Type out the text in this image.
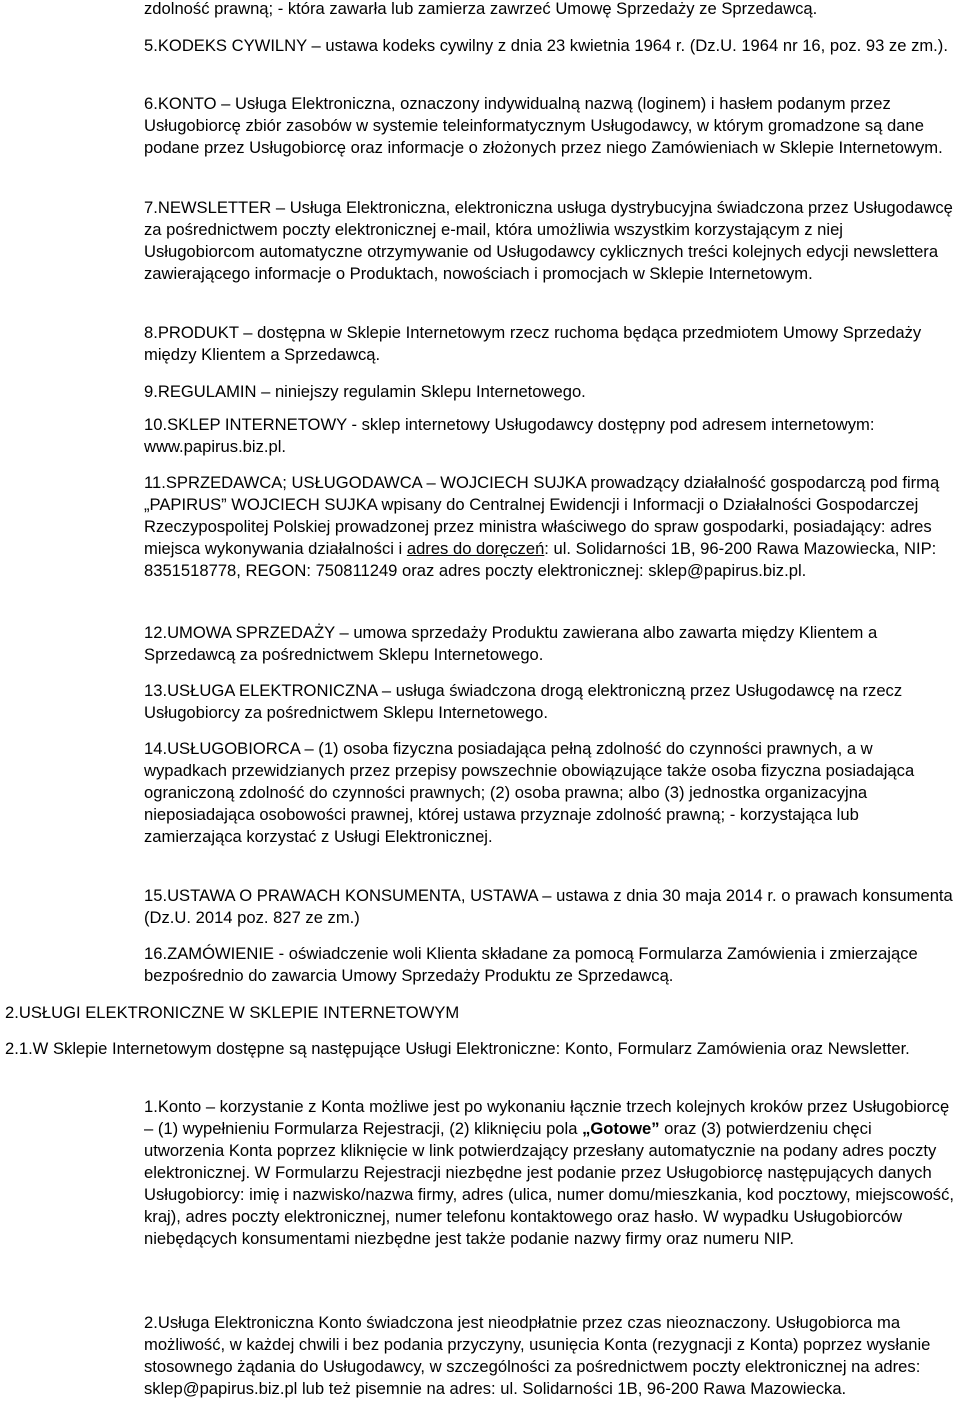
zdolność prawną; - która zawarła lub zamierza zawrzeć Umowę Sprzedaży ze Sprzedawcą.

5.KODEKS CYWILNY – ustawa kodeks cywilny z dnia 23 kwietnia 1964 r. (Dz.U. 1964 nr 16, poz. 93 ze zm.).

6.KONTO – Usługa Elektroniczna, oznaczony indywidualną nazwą (loginem) i hasłem podanym przez Usługobiorcę zbiór zasobów w systemie teleinformatycznym Usługodawcy, w którym gromadzone są dane podane przez Usługobiorcę oraz informacje o złożonych przez niego Zamówieniach w Sklepie Internetowym.

7.NEWSLETTER – Usługa Elektroniczna, elektroniczna usługa dystrybucyjna świadczona przez Usługodawcę za pośrednictwem poczty elektronicznej e-mail, która umożliwia wszystkim korzystającym z niej Usługobiorcom automatyczne otrzymywanie od Usługodawcy cyklicznych treści kolejnych edycji newslettera zawierającego informacje o Produktach, nowościach i promocjach w Sklepie Internetowym.

8.PRODUKT – dostępna w Sklepie Internetowym rzecz ruchoma będąca przedmiotem Umowy Sprzedaży między Klientem a Sprzedawcą.

9.REGULAMIN – niniejszy regulamin Sklepu Internetowego.

10.SKLEP INTERNETOWY - sklep internetowy Usługodawcy dostępny pod adresem internetowym: www.papirus.biz.pl.

11.SPRZEDAWCA; USŁUGODAWCA – WOJCIECH SUJKA prowadzący działalność gospodarczą pod firmą „PAPIRUS” WOJCIECH SUJKA wpisany do Centralnej Ewidencji i Informacji o Działalności Gospodarczej Rzeczypospolitej Polskiej prowadzonej przez ministra właściwego do spraw gospodarki, posiadający: adres miejsca wykonywania działalności i adres do doręczeń: ul. Solidarności 1B, 96-200 Rawa Mazowiecka, NIP: 8351518778, REGON: 750811249 oraz adres poczty elektronicznej: sklep@papirus.biz.pl.

12.UMOWA SPRZEDAŻY – umowa sprzedaży Produktu zawierana albo zawarta między Klientem a Sprzedawcą za pośrednictwem Sklepu Internetowego.

13.USŁUGA ELEKTRONICZNA – usługa świadczona drogą elektroniczną przez Usługodawcę na rzecz Usługobiorcy za pośrednictwem Sklepu Internetowego.

14.USŁUGOBIORCA – (1) osoba fizyczna posiadająca pełną zdolność do czynności prawnych, a w wypadkach przewidzianych przez przepisy powszechnie obowiązujące także osoba fizyczna posiadająca ograniczoną zdolność do czynności prawnych; (2) osoba prawna; albo (3) jednostka organizacyjna nieposiadająca osobowości prawnej, której ustawa przyznaje zdolność prawną; - korzystająca lub zamierzająca korzystać z Usługi Elektronicznej.

15.USTAWA O PRAWACH KONSUMENTA, USTAWA – ustawa z dnia 30 maja 2014 r. o prawach konsumenta (Dz.U. 2014 poz. 827 ze zm.)

16.ZAMÓWIENIE - oświadczenie woli Klienta składane za pomocą Formularza Zamówienia i zmierzające bezpośrednio do zawarcia Umowy Sprzedaży Produktu ze Sprzedawcą.

2.USŁUGI ELEKTRONICZNE W SKLEPIE INTERNETOWYM

2.1.W Sklepie Internetowym dostępne są następujące Usługi Elektroniczne: Konto, Formularz Zamówienia oraz Newsletter.

1.Konto – korzystanie z Konta możliwe jest po wykonaniu łącznie trzech kolejnych kroków przez Usługobiorcę – (1) wypełnieniu Formularza Rejestracji, (2) kliknięciu pola „Gotowe” oraz (3) potwierdzeniu chęci utworzenia Konta poprzez kliknięcie w link potwierdzający przesłany automatycznie na podany adres poczty elektronicznej. W Formularzu Rejestracji niezbędne jest podanie przez Usługobiorcę następujących danych Usługobiorcy: imię i nazwisko/nazwa firmy, adres (ulica, numer domu/mieszkania, kod pocztowy, miejscowość, kraj), adres poczty elektronicznej, numer telefonu kontaktowego oraz hasło. W wypadku Usługobiorców niebędących konsumentami niezbędne jest także podanie nazwy firmy oraz numeru NIP.

2.Usługa Elektroniczna Konto świadczona jest nieodpłatnie przez czas nieoznaczony. Usługobiorca ma możliwość, w każdej chwili i bez podania przyczyny, usunięcia Konta (rezygnacji z Konta) poprzez wysłanie stosownego żądania do Usługodawcy, w szczególności za pośrednictwem poczty elektronicznej na adres: sklep@papirus.biz.pl lub też pisemnie na adres: ul. Solidarności 1B, 96-200 Rawa Mazowiecka.
